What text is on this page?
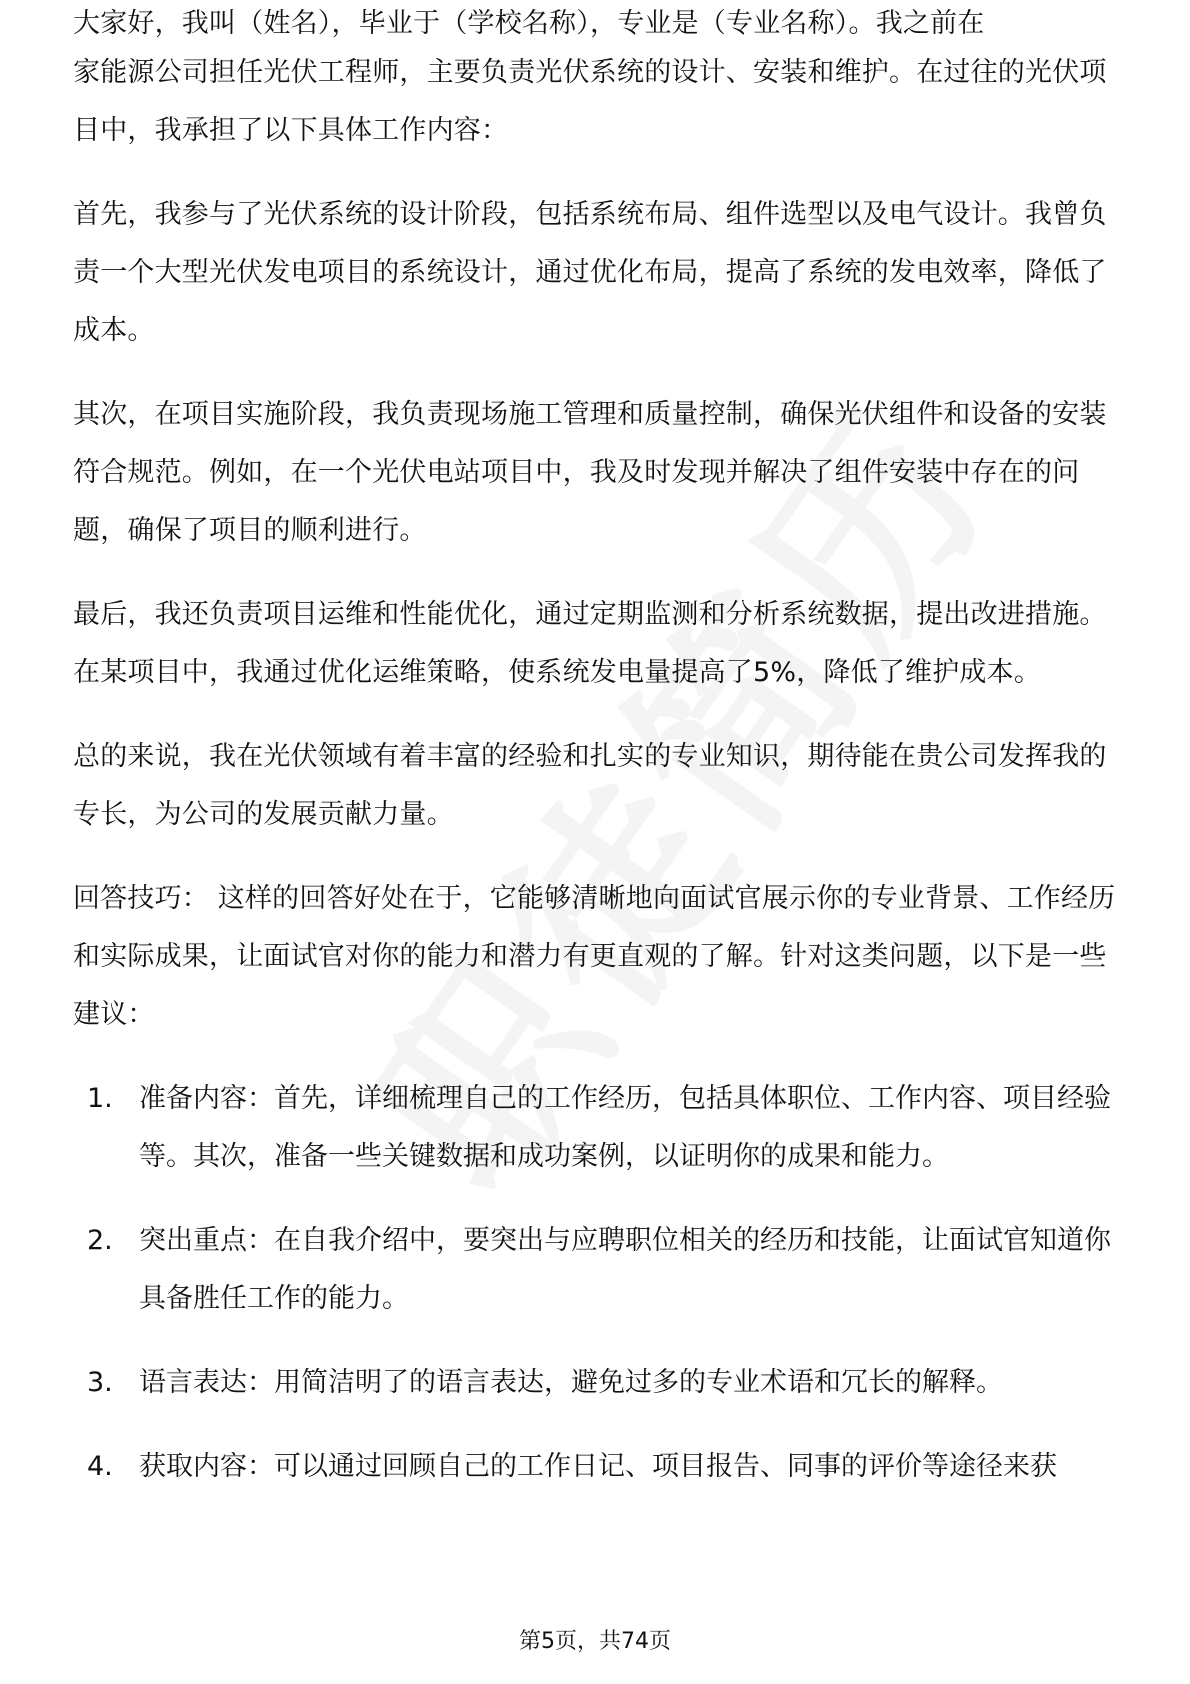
大家好，我叫（姓名），毕业于（学校名称），专业是（专业名称）。我之前在

家能源公司担任光伏工程师，主要负责光伏系统的设计、安装和维护。在过往的光伏项目中，我承担了以下具体工作内容：

首先，我参与了光伏系统的设计阶段，包括系统布局、组件选型以及电气设计。我曾负责一个大型光伏发电项目的系统设计，通过优化布局，提高了系统的发电效率，降低了成本。

其次，在项目实施阶段，我负责现场施工管理和质量控制，确保光伏组件和设备的安装符合规范。例如，在一个光伏电站项目中，我及时发现并解决了组件安装中存在的问题，确保了项目的顺利进行。

最后，我还负责项目运维和性能优化，通过定期监测和分析系统数据，提出改进措施。在某项目中，我通过优化运维策略，使系统发电量提高了5%，降低了维护成本。

总的来说，我在光伏领域有着丰富的经验和扎实的专业知识，期待能在贵公司发挥我的专长，为公司的发展贡献力量。

回答技巧： 这样的回答好处在于，它能够清晰地向面试官展示你的专业背景、工作经历和实际成果，让面试官对你的能力和潜力有更直观的了解。针对这类问题，以下是一些建议：

1. 准备内容：首先，详细梳理自己的工作经历，包括具体职位、工作内容、项目经验等。其次，准备一些关键数据和成功案例，以证明你的成果和能力。
2. 突出重点：在自我介绍中，要突出与应聘职位相关的经历和技能，让面试官知道你具备胜任工作的能力。
3. 语言表达：用简洁明了的语言表达，避免过多的专业术语和冗长的解释。
4. 获取内容：可以通过回顾自己的工作日记、项目报告、同事的评价等途径来获
第5页，共74页
